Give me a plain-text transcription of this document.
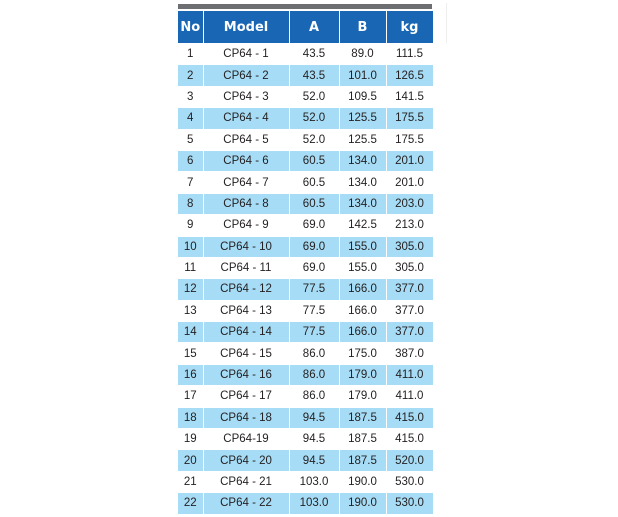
No	Model	A	B	kg
1	CP64 - 1	43.5	89.0	111.5
2	CP64 - 2	43.5	101.0	126.5
3	CP64 - 3	52.0	109.5	141.5
4	CP64 - 4	52.0	125.5	175.5
5	CP64 - 5	52.0	125.5	175.5
6	CP64 - 6	60.5	134.0	201.0
7	CP64 - 7	60.5	134.0	201.0
8	CP64 - 8	60.5	134.0	203.0
9	CP64 - 9	69.0	142.5	213.0
10	CP64 - 10	69.0	155.0	305.0
11	CP64 - 11	69.0	155.0	305.0
12	CP64 - 12	77.5	166.0	377.0
13	CP64 - 13	77.5	166.0	377.0
14	CP64 - 14	77.5	166.0	377.0
15	CP64 - 15	86.0	175.0	387.0
16	CP64 - 16	86.0	179.0	411.0
17	CP64 - 17	86.0	179.0	411.0
18	CP64 - 18	94.5	187.5	415.0
19	CP64-19	94.5	187.5	415.0
20	CP64 - 20	94.5	187.5	520.0
21	CP64 - 21	103.0	190.0	530.0
22	CP64 - 22	103.0	190.0	530.0
